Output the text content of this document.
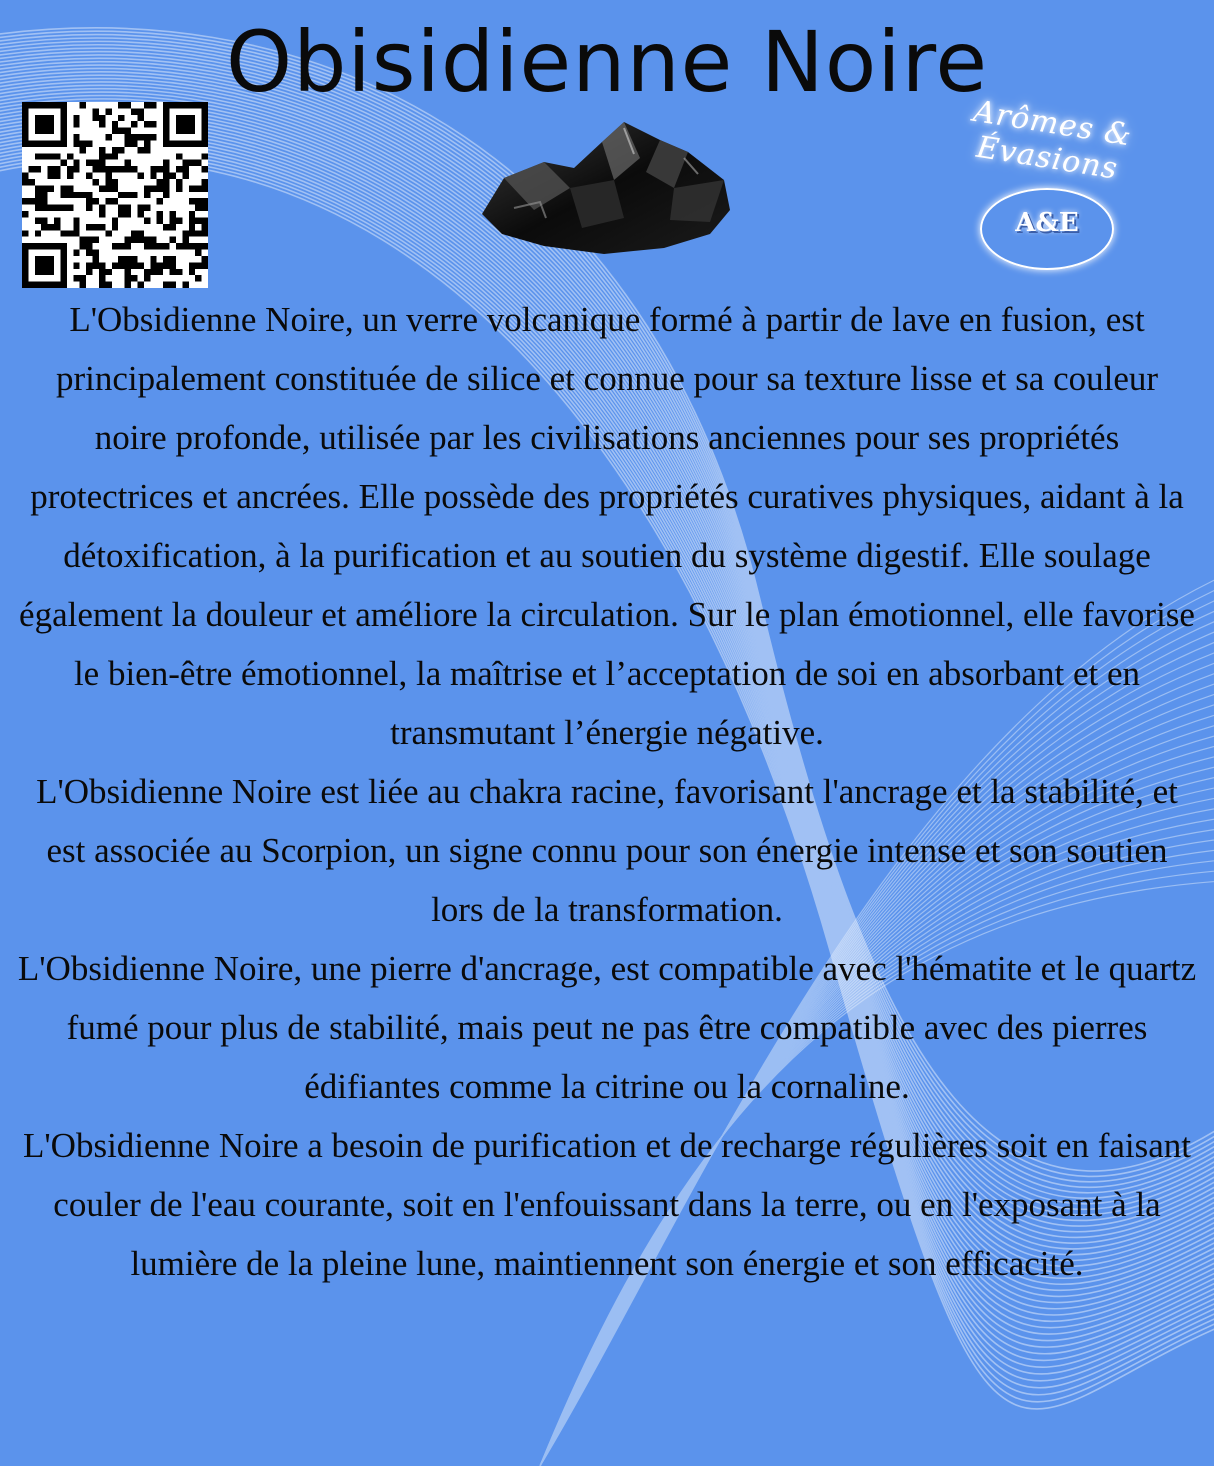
Obisidienne Noire
Arômes & Évasions
A&E

L'Obsidienne Noire, un verre volcanique formé à partir de lave en fusion, est principalement constituée de silice et connue pour sa texture lisse et sa couleur noire profonde, utilisée par les civilisations anciennes pour ses propriétés protectrices et ancrées. Elle possède des propriétés curatives physiques, aidant à la détoxification, à la purification et au soutien du système digestif. Elle soulage également la douleur et améliore la circulation. Sur le plan émotionnel, elle favorise le bien-être émotionnel, la maîtrise et l’acceptation de soi en absorbant et en transmutant l’énergie négative.

L'Obsidienne Noire est liée au chakra racine, favorisant l'ancrage et la stabilité, et est associée au Scorpion, un signe connu pour son énergie intense et son soutien lors de la transformation.

L'Obsidienne Noire, une pierre d'ancrage, est compatible avec l'hématite et le quartz fumé pour plus de stabilité, mais peut ne pas être compatible avec des pierres édifiantes comme la citrine ou la cornaline.

L'Obsidienne Noire a besoin de purification et de recharge régulières soit en faisant couler de l'eau courante, soit en l'enfouissant dans la terre, ou en l'exposant à la lumière de la pleine lune, maintiennent son énergie et son efficacité.
